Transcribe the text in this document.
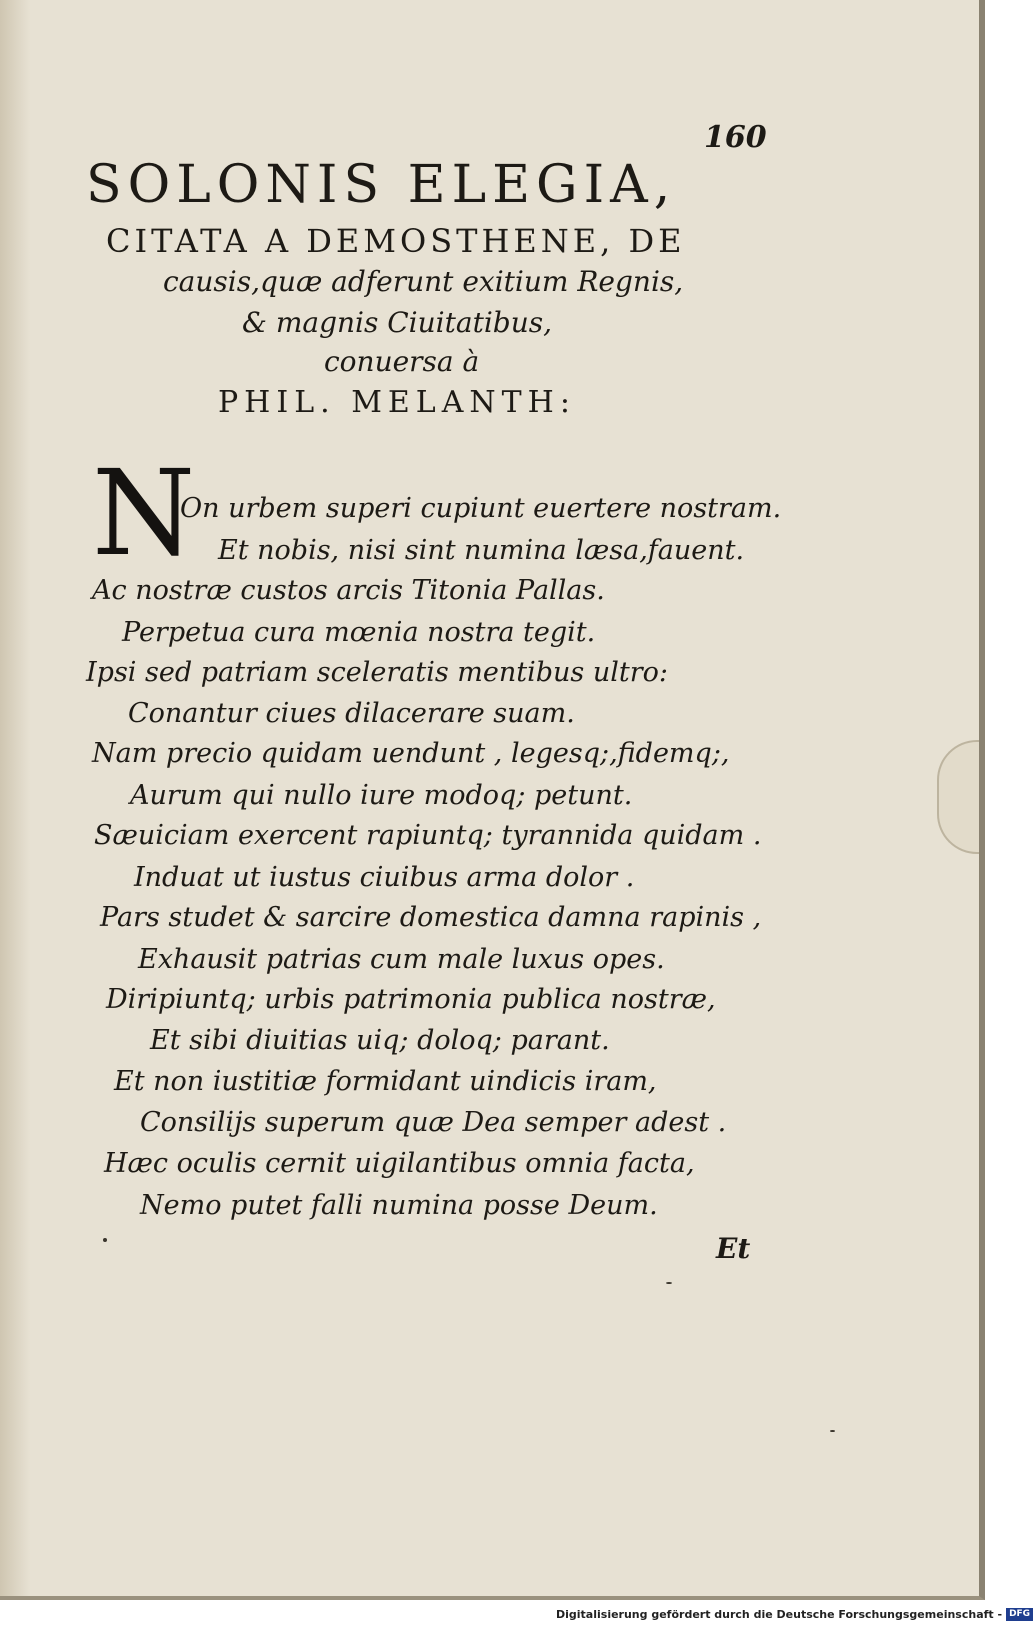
160
SOLONIS ELEGIA,
CITATA A DEMOSTHENE, DE
causis,quæ adferunt exitium Regnis,
& magnis Ciuitatibus,
conuersa à
PHIL. MELANTH:
N
On urbem superi cupiunt euertere nostram.
Et nobis, nisi sint numina læsa,fauent.
Ac nostræ custos arcis Titonia Pallas.
Perpetua cura mœnia nostra tegit.
Ipsi sed patriam sceleratis mentibus ultro:
Conantur ciues dilacerare suam.
Nam precio quidam uendunt , legesq;,fidemq;,
Aurum qui nullo iure modoq; petunt.
Sæuiciam exercent rapiuntq; tyrannida quidam .
Induat ut iustus ciuibus arma dolor .
Pars studet & sarcire domestica damna rapinis ,
Exhausit patrias cum male luxus opes.
Diripiuntq; urbis patrimonia publica nostræ,
Et sibi diuitias uiq; doloq; parant.
Et non iustitiæ formidant uindicis iram,
Consilijs superum quæ Dea semper adest .
Hæc oculis cernit uigilantibus omnia facta,
Nemo putet falli numina posse Deum.
Et
Digitalisierung gefördert durch die Deutsche Forschungsgemeinschaft - DFG
